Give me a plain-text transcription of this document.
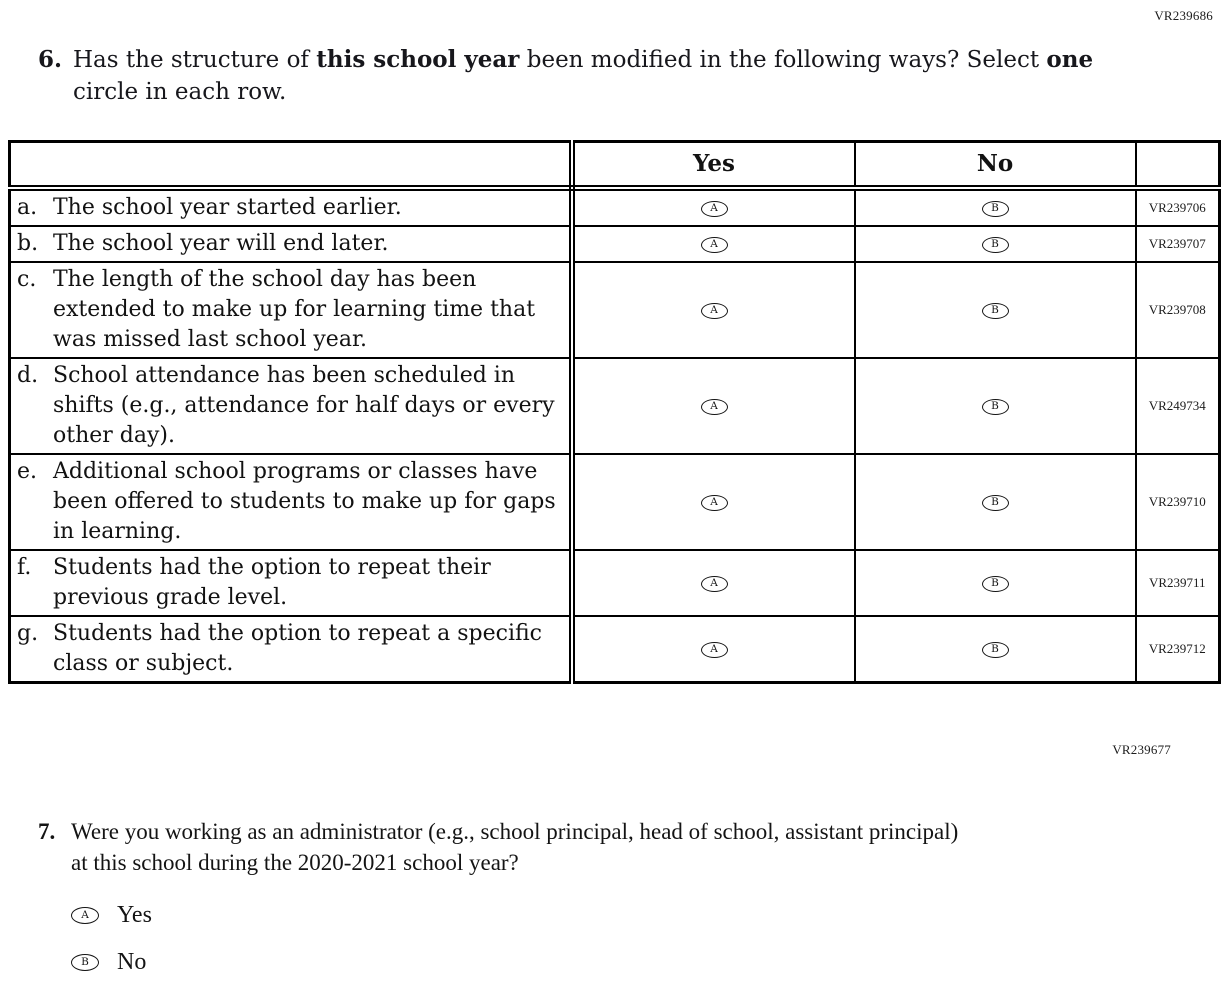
VR239686
6. Has the structure of this school year been modified in the following ways? Select one
circle in each row.
	Yes	No	

a. The school year started earlier.	A	B	VR239706

b. The school year will end later.	A	B	VR239707

c. The length of the school day has been extended to make up for learning time that was missed last school year.	A	B	VR239708

d. School attendance has been scheduled in shifts (e.g., attendance for half days or every other day).	A	B	VR249734

e. Additional school programs or classes have been offered to students to make up for gaps in learning.	A	B	VR239710

f. Students had the option to repeat their previous grade level.	A	B	VR239711

g. Students had the option to repeat a specific class or subject.	A	B	VR239712
VR239677
7. Were you working as an administrator (e.g., school principal, head of school, assistant principal)
at this school during the 2020-2021 school year?
A Yes
B No
